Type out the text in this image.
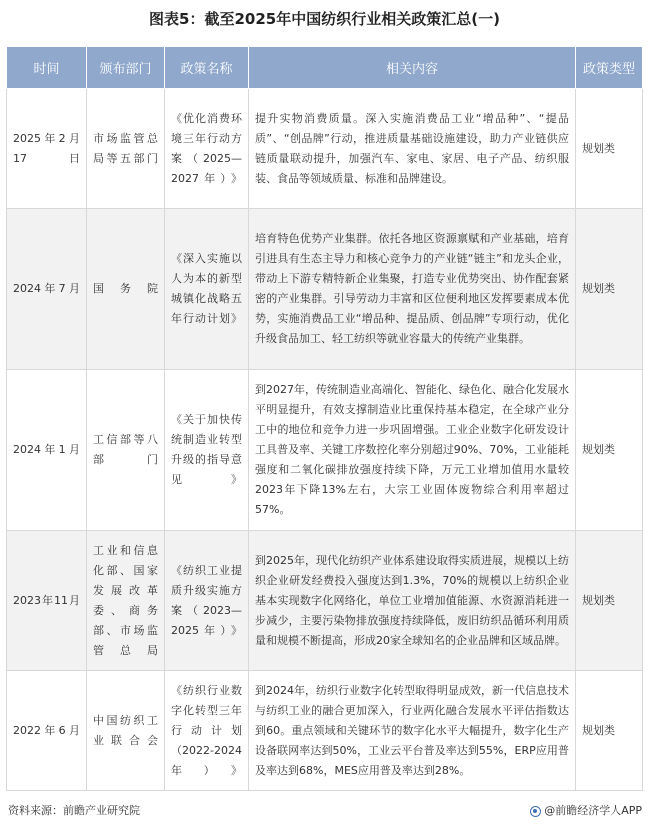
图表5：截至2025年中国纺织行业相关政策汇总(一)
时间	颁布部门	政策名称	相关内容	政策类型
2025年2月17日	市场监管总局等五部门	《优化消费环境三年行动方案（2025—2027年）》	提升实物消费质量。深入实施消费品工业“增品种”、“提品质”、“创品牌”行动，推进质量基础设施建设，助力产业链供应链质量联动提升，加强汽车、家电、家居、电子产品、纺织服装、食品等领域质量、标准和品牌建设。	规划类
2024年7月	国务院	《深入实施以人为本的新型城镇化战略五年行动计划》	培育特色优势产业集群。依托各地区资源禀赋和产业基础，培育引进具有生态主导力和核心竞争力的产业链“链主”和龙头企业，带动上下游专精特新企业集聚，打造专业优势突出、协作配套紧密的产业集群。引导劳动力丰富和区位便利地区发挥要素成本优势，实施消费品工业“增品种、提品质、创品牌”专项行动，优化升级食品加工、轻工纺织等就业容量大的传统产业集群。	规划类
2024年1月	工信部等八部门	《关于加快传统制造业转型升级的指导意见》	到2027年，传统制造业高端化、智能化、绿色化、融合化发展水平明显提升，有效支撑制造业比重保持基本稳定，在全球产业分工中的地位和竞争力进一步巩固增强。工业企业数字化研发设计工具普及率、关键工序数控化率分别超过90%、70%，工业能耗强度和二氧化碳排放强度持续下降，万元工业增加值用水量较2023年下降13%左右，大宗工业固体废物综合利用率超过57%。	规划类
2023年11月	工业和信息化部、国家发展改革委、商务部、市场监管总局	《纺织工业提质升级实施方案（2023—2025年）》	到2025年，现代化纺织产业体系建设取得实质进展，规模以上纺织企业研发经费投入强度达到1.3%，70%的规模以上纺织企业基本实现数字化网络化，单位工业增加值能源、水资源消耗进一步减少，主要污染物排放强度持续降低，废旧纺织品循环利用质量和规模不断提高，形成20家全球知名的企业品牌和区域品牌。	规划类
2022年6月	中国纺织工业联合会	《纺织行业数字化转型三年行动计划（2022-2024年）》	到2024年，纺织行业数字化转型取得明显成效，新一代信息技术与纺织工业的融合更加深入，行业两化融合发展水平评估指数达到60。重点领域和关键环节的数字化水平大幅提升，数字化生产设备联网率达到50%，工业云平台普及率达到55%，ERP应用普及率达到68%，MES应用普及率达到28%。	规划类
资料来源：前瞻产业研究院	@前瞻经济学人APP
